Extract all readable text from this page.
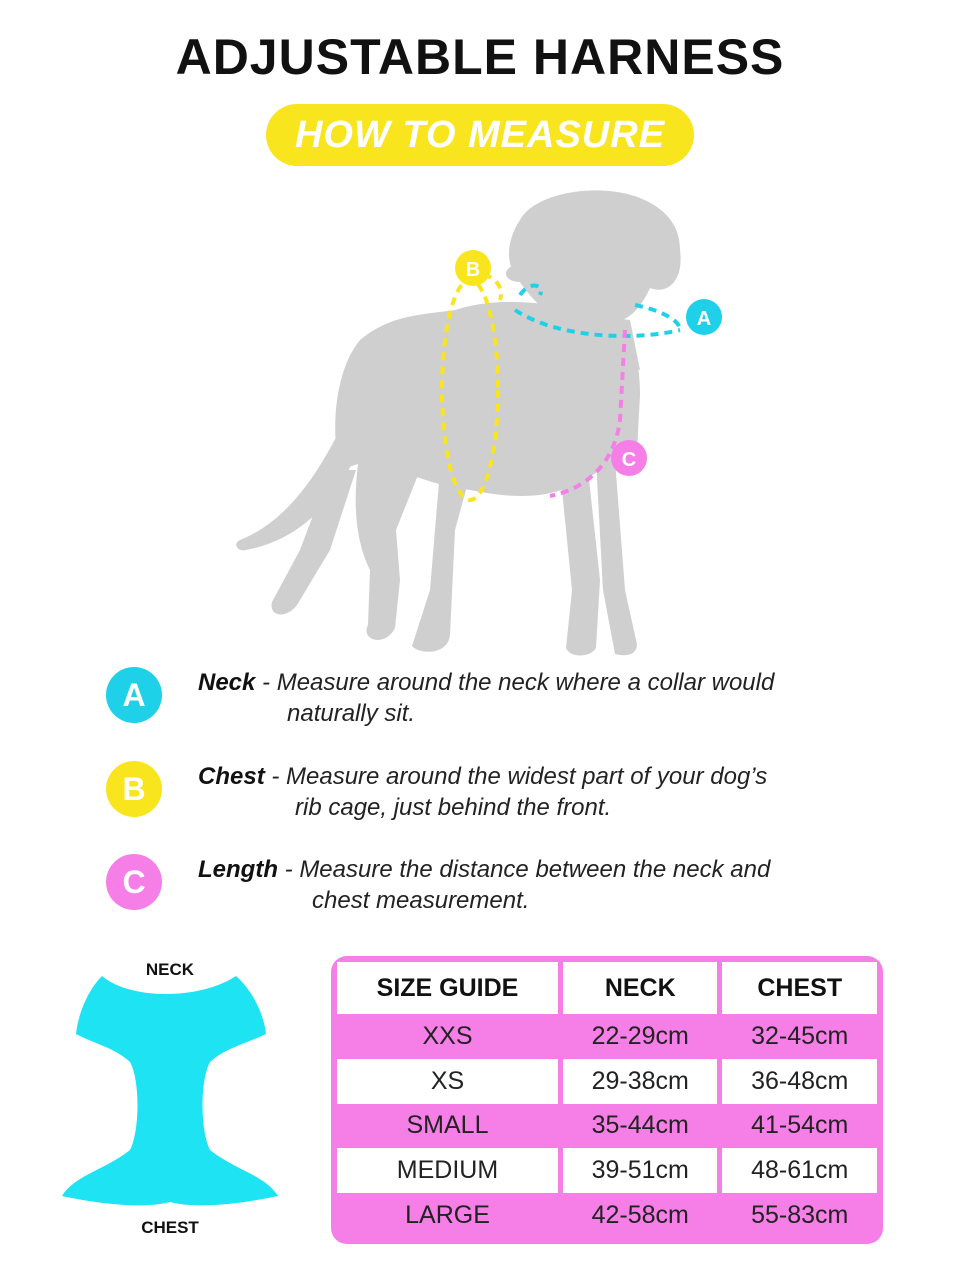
ADJUSTABLE HARNESS
HOW TO MEASURE
B
A
C
A	Neck - Measure around the neck where a collar would
naturally sit.
B	Chest - Measure around the widest part of your dog’s
rib cage, just behind the front.
C	Length - Measure the distance between the neck and
chest measurement.
NECK
CHEST
SIZE GUIDE	NECK	CHEST
XXS	22-29cm	32-45cm
XS	29-38cm	36-48cm
SMALL	35-44cm	41-54cm
MEDIUM	39-51cm	48-61cm
LARGE	42-58cm	55-83cm
